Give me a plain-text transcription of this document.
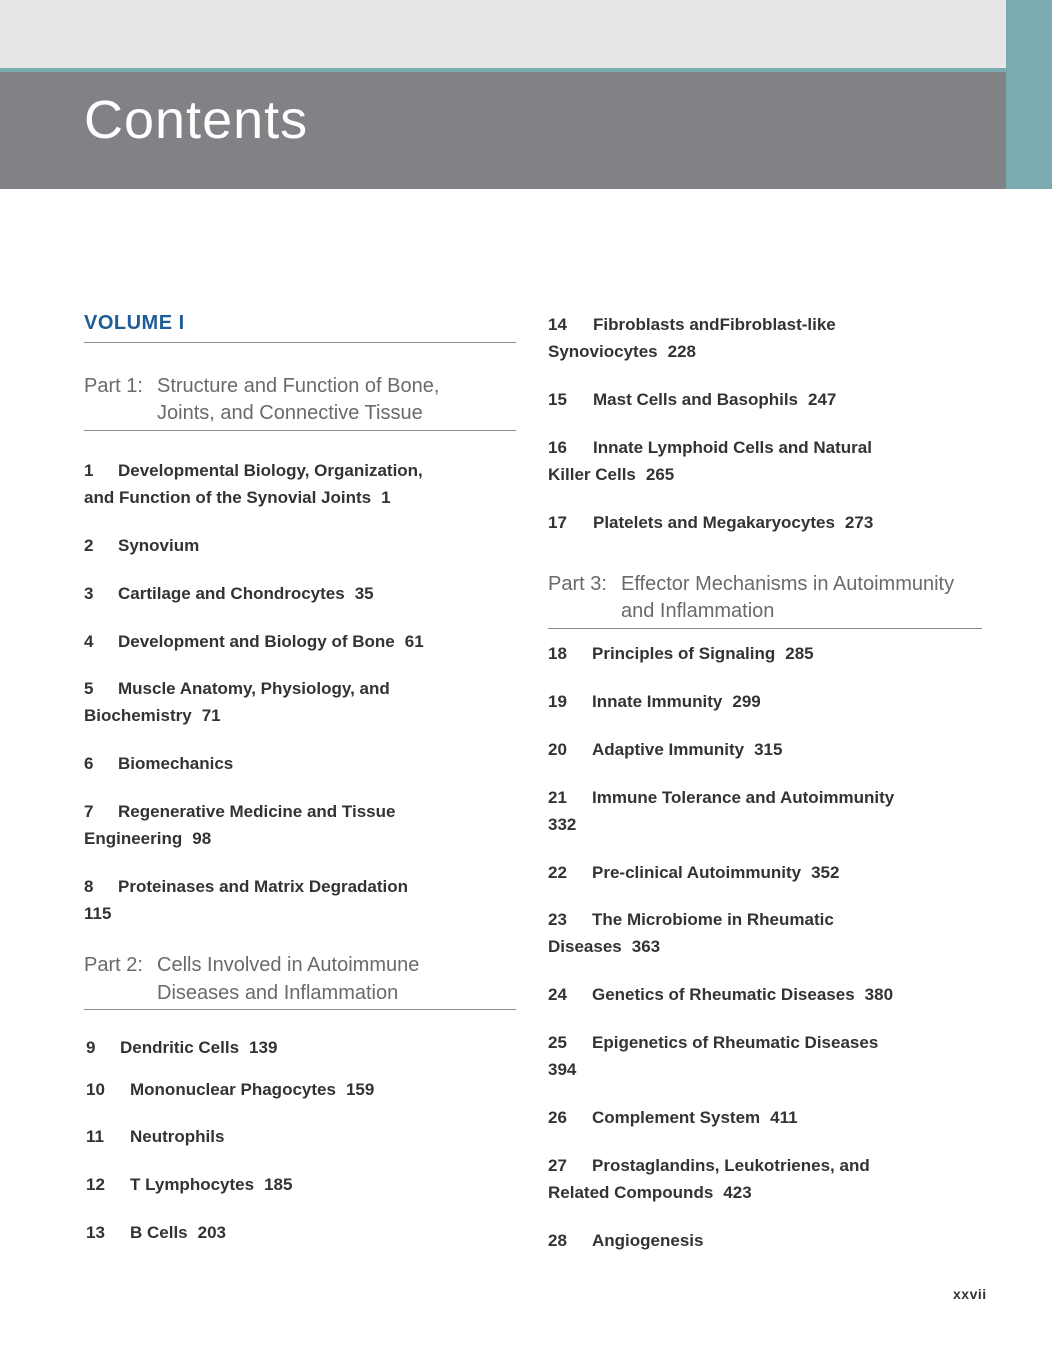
Contents
VOLUME I
Part 1: Structure and Function of Bone,
Joints, and Connective Tissue
1 Developmental Biology, Organization,
and Function of the Synovial Joints 1
2 Synovium
3 Cartilage and Chondrocytes 35
4 Development and Biology of Bone 61
5 Muscle Anatomy, Physiology, and
Biochemistry 71
6 Biomechanics
7 Regenerative Medicine and Tissue
Engineering 98
8 Proteinases and Matrix Degradation
115
Part 2: Cells Involved in Autoimmune
Diseases and Inflammation
9 Dendritic Cells 139
10 Mononuclear Phagocytes 159
11 Neutrophils
12 T Lymphocytes 185
13 B Cells 203
14 Fibroblasts andFibroblast-like
Synoviocytes 228
15 Mast Cells and Basophils 247
16 Innate Lymphoid Cells and Natural
Killer Cells 265
17 Platelets and Megakaryocytes 273
Part 3: Effector Mechanisms in Autoimmunity
and Inflammation
18 Principles of Signaling 285
19 Innate Immunity 299
20 Adaptive Immunity 315
21 Immune Tolerance and Autoimmunity
332
22 Pre-clinical Autoimmunity 352
23 The Microbiome in Rheumatic
Diseases 363
24 Genetics of Rheumatic Diseases 380
25 Epigenetics of Rheumatic Diseases
394
26 Complement System 411
27 Prostaglandins, Leukotrienes, and
Related Compounds 423
28 Angiogenesis
xxvii
